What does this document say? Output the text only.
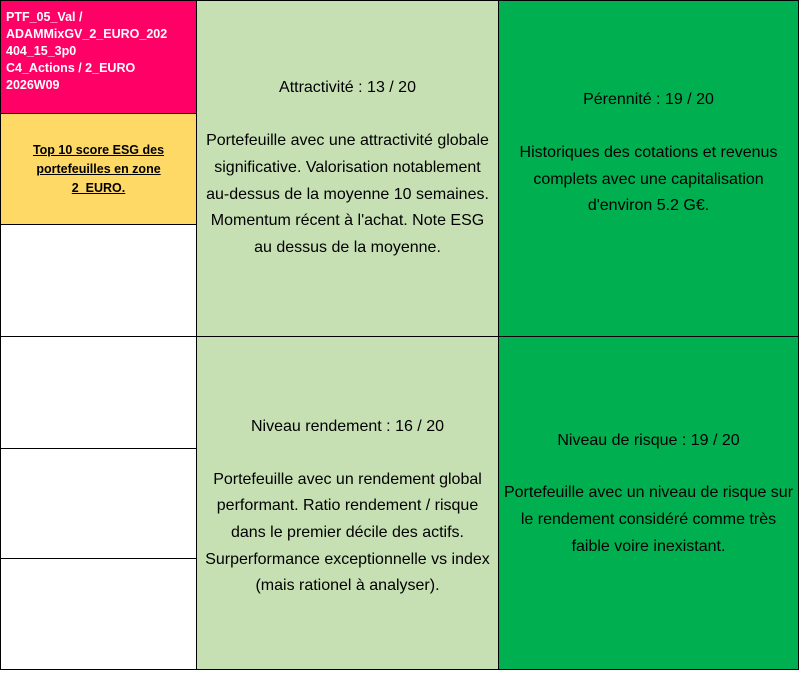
PTF_05_Val /
ADAMMixGV_2_EURO_202
404_15_3p0
C4_Actions / 2_EURO
2026W09
Top 10 score ESG des portefeuilles en zone 2_EURO.
Attractivité : 13 / 20
Portefeuille avec une attractivité globale significative. Valorisation notablement au-dessus de la moyenne 10 semaines. Momentum récent à l'achat. Note ESG au dessus de la moyenne.
Pérennité : 19 / 20
Historiques des cotations et revenus complets avec une capitalisation d'environ 5.2 G€.
Niveau rendement : 16 / 20
Portefeuille avec un rendement global performant. Ratio rendement / risque dans le premier décile des actifs. Surperformance exceptionnelle vs index (mais rationel à analyser).
Niveau de risque : 19 / 20
Portefeuille avec un niveau de risque sur le rendement considéré comme très faible voire inexistant.
